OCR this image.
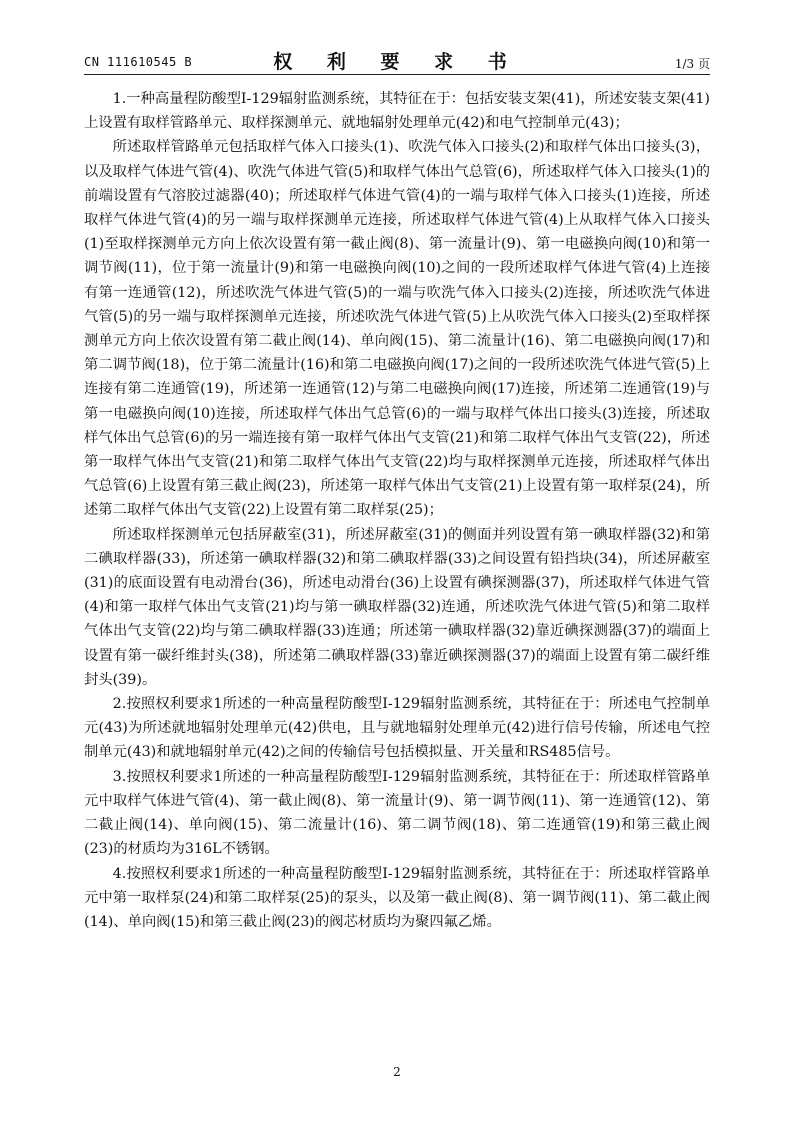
CN 111610545 B	权 利 要 求 书	1/3 页

1.一种高量程防酸型I-129辐射监测系统，其特征在于：包括安装支架(41)，所述安装支架(41)上设置有取样管路单元、取样探测单元、就地辐射处理单元(42)和电气控制单元(43)；

所述取样管路单元包括取样气体入口接头(1)、吹洗气体入口接头(2)和取样气体出口接头(3)，以及取样气体进气管(4)、吹洗气体进气管(5)和取样气体出气总管(6)，所述取样气体入口接头(1)的前端设置有气溶胶过滤器(40)；所述取样气体进气管(4)的一端与取样气体入口接头(1)连接，所述取样气体进气管(4)的另一端与取样探测单元连接，所述取样气体进气管(4)上从取样气体入口接头(1)至取样探测单元方向上依次设置有第一截止阀(8)、第一流量计(9)、第一电磁换向阀(10)和第一调节阀(11)，位于第一流量计(9)和第一电磁换向阀(10)之间的一段所述取样气体进气管(4)上连接有第一连通管(12)，所述吹洗气体进气管(5)的一端与吹洗气体入口接头(2)连接，所述吹洗气体进气管(5)的另一端与取样探测单元连接，所述吹洗气体进气管(5)上从吹洗气体入口接头(2)至取样探测单元方向上依次设置有第二截止阀(14)、单向阀(15)、第二流量计(16)、第二电磁换向阀(17)和第二调节阀(18)，位于第二流量计(16)和第二电磁换向阀(17)之间的一段所述吹洗气体进气管(5)上连接有第二连通管(19)，所述第一连通管(12)与第二电磁换向阀(17)连接，所述第二连通管(19)与第一电磁换向阀(10)连接，所述取样气体出气总管(6)的一端与取样气体出口接头(3)连接，所述取样气体出气总管(6)的另一端连接有第一取样气体出气支管(21)和第二取样气体出气支管(22)，所述第一取样气体出气支管(21)和第二取样气体出气支管(22)均与取样探测单元连接，所述取样气体出气总管(6)上设置有第三截止阀(23)，所述第一取样气体出气支管(21)上设置有第一取样泵(24)，所述第二取样气体出气支管(22)上设置有第二取样泵(25)；

所述取样探测单元包括屏蔽室(31)，所述屏蔽室(31)的侧面并列设置有第一碘取样器(32)和第二碘取样器(33)，所述第一碘取样器(32)和第二碘取样器(33)之间设置有铅挡块(34)，所述屏蔽室(31)的底面设置有电动滑台(36)，所述电动滑台(36)上设置有碘探测器(37)，所述取样气体进气管(4)和第一取样气体出气支管(21)均与第一碘取样器(32)连通，所述吹洗气体进气管(5)和第二取样气体出气支管(22)均与第二碘取样器(33)连通；所述第一碘取样器(32)靠近碘探测器(37)的端面上设置有第一碳纤维封头(38)，所述第二碘取样器(33)靠近碘探测器(37)的端面上设置有第二碳纤维封头(39)。

2.按照权利要求1所述的一种高量程防酸型I-129辐射监测系统，其特征在于：所述电气控制单元(43)为所述就地辐射处理单元(42)供电，且与就地辐射处理单元(42)进行信号传输，所述电气控制单元(43)和就地辐射单元(42)之间的传输信号包括模拟量、开关量和RS485信号。

3.按照权利要求1所述的一种高量程防酸型I-129辐射监测系统，其特征在于：所述取样管路单元中取样气体进气管(4)、第一截止阀(8)、第一流量计(9)、第一调节阀(11)、第一连通管(12)、第二截止阀(14)、单向阀(15)、第二流量计(16)、第二调节阀(18)、第二连通管(19)和第三截止阀(23)的材质均为316L不锈钢。

4.按照权利要求1所述的一种高量程防酸型I-129辐射监测系统，其特征在于：所述取样管路单元中第一取样泵(24)和第二取样泵(25)的泵头，以及第一截止阀(8)、第一调节阀(11)、第二截止阀(14)、单向阀(15)和第三截止阀(23)的阀芯材质均为聚四氟乙烯。

2
